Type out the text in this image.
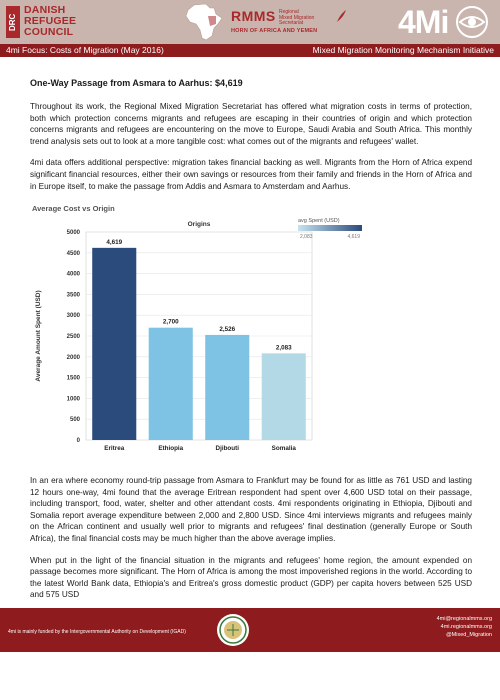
DRC
DANISH
REFUGEE
COUNCIL
RMMS Regional
Mixed Migration
Secretariat
HORN OF AFRICA AND YEMEN	4Mi
4mi Focus: Costs of Migration (May 2016)	Mixed Migration Monitoring Mechanism Initiative

One-Way Passage from Asmara to Aarhus: $4,619

Throughout its work, the Regional Mixed Migration Secretariat has offered what migration costs in terms of protection, both which protection concerns migrants and refugees are escaping in their countries of origin and which protection concerns migrants and refugees are encountering on the move to Europe, Saudi Arabia and South Africa. This monthly trend analysis sets out to look at a more tangible cost: what comes out of the migrants and refugees' wallet.

4mi data offers additional perspective: migration takes financial backing as well. Migrants from the Horn of Africa expend significant financial resources, either their own savings or resources from their family and friends in the Horn of Africa and in Europe itself, to make the passage from Addis and Asmara to Amsterdam and Aarhus.

Average Cost vs Origin
Origins
0
500
1000
1500
2000
2500
3000
3500
4000
4500
5000
Average Amount Spent (USD)
4,619
Eritrea
2,700
Ethiopia
2,526
Djibouti
2,083
Somalia
avg Spent (USD)
2,083	4,619

In an era where economy round-trip passage from Asmara to Frankfurt may be found for as little as 761 USD and lasting 12 hours one-way, 4mi found that the average Eritrean respondent had spent over 4,600 USD total on their passage, including transport, food, water, shelter and other attendant costs. 4mi respondents originating in Ethiopia, Djibouti and Somalia report average expenditure between 2,000 and 2,800 USD. Since 4mi interviews migrants and refugees mainly on the African continent and usually well prior to migrants and refugees' final destination (generally Europe or South Africa), the final financial costs may be much higher than the above average implies.

When put in the light of the financial situation in the migrants and refugees' home region, the amount expended on passage becomes more significant. The Horn of Africa is among the most impoverished regions in the world. According to the latest World Bank data, Ethiopia's and Eritrea's gross domestic product (GDP) per capita hovers between 525 USD and 575 USD

4mi is mainly funded by the Intergovernmental Authority on Development (IGAD)
4mi@regionalmms.org
4mi.regionalmms.org
@Mixed_Migration
